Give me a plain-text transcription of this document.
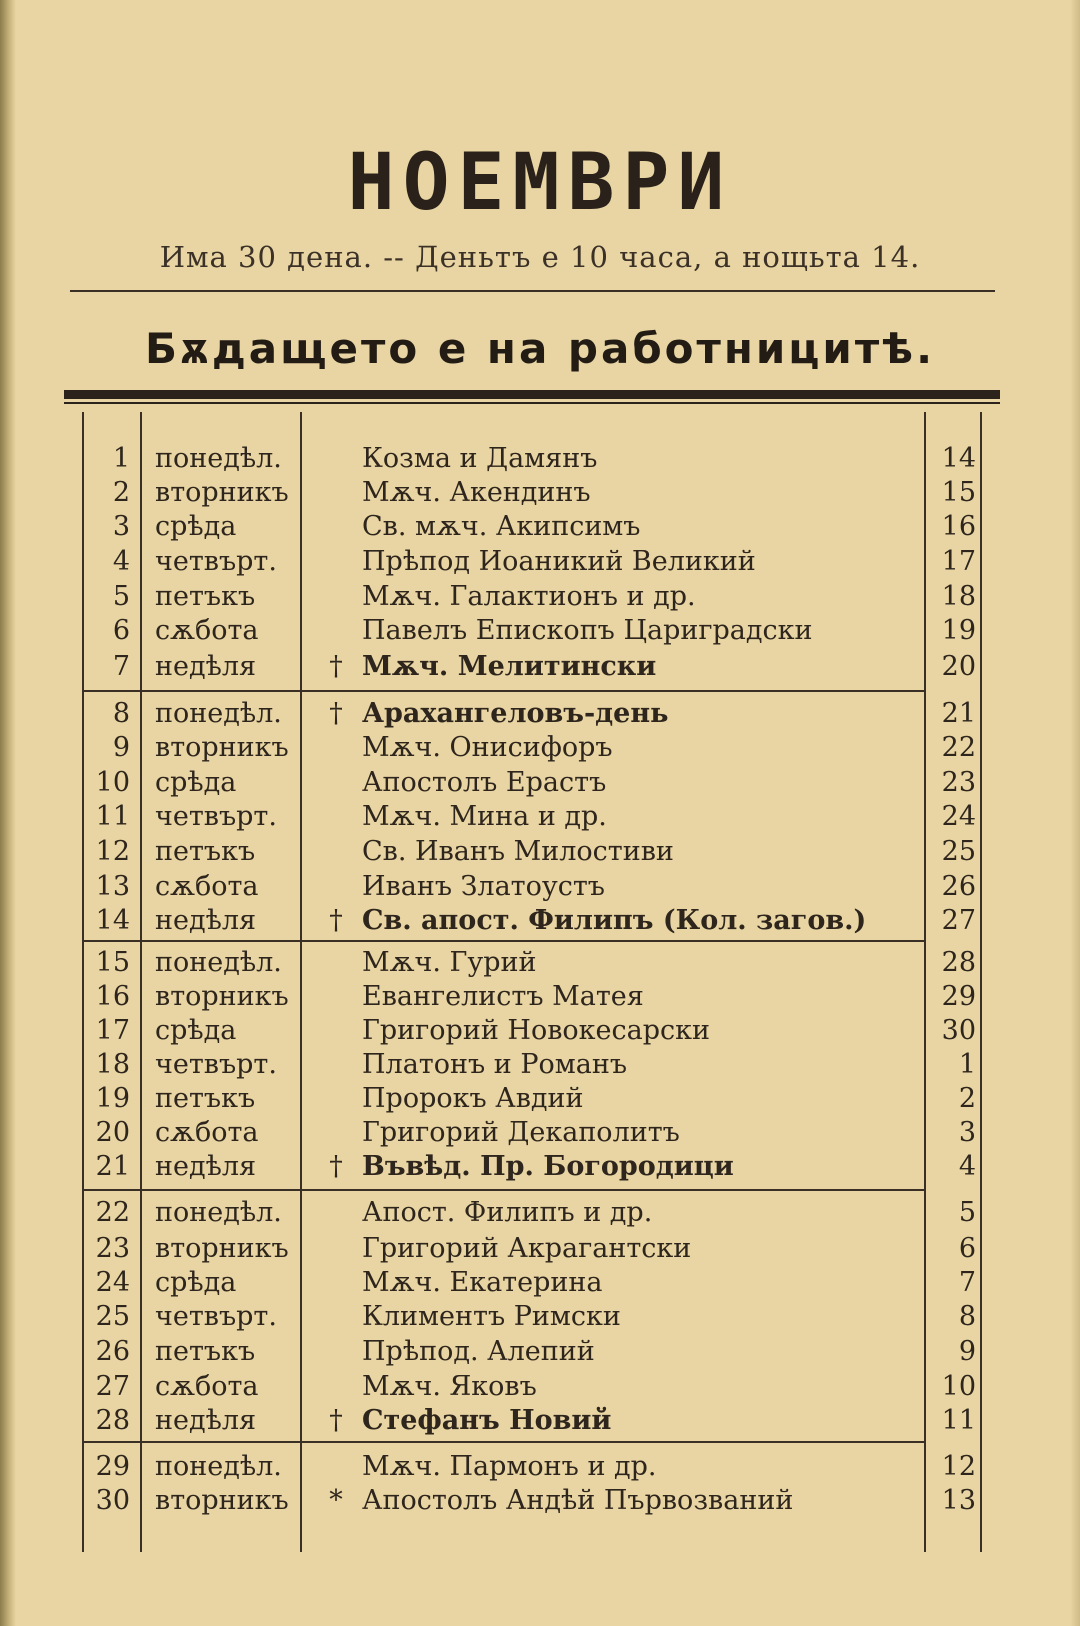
НОЕМВРИ
Има 30 дена. -- Деньтъ е 10 часа, а нощьта 14.
Бѫдащето е на работницитѣ.
1 понедѣл.	Козма и Дамянъ	14
2 вторникъ	Мѫч. Акендинъ	15
3 срѣда	Св. мѫч. Акипсимъ	16
4 четвърт.	Прѣпод Иоаникий Великий	17
5 петъкъ	Мѫч. Галактионъ и др.	18
6 сѫбота	Павелъ Епископъ Цариградски	19
7 недѣля	† Мѫч. Мелитински	20
8 понедѣл.	† Арахангеловъ-день	21
9 вторникъ	Мѫч. Онисифоръ	22
10 срѣда	Апостолъ Ерастъ	23
11 четвърт.	Мѫч. Мина и др.	24
12 петъкъ	Св. Иванъ Милостиви	25
13 сѫбота	Иванъ Златоустъ	26
14 недѣля	† Св. апост. Филипъ (Кол. загов.)	27
15 понедѣл.	Мѫч. Гурий	28
16 вторникъ	Евангелистъ Матея	29
17 срѣда	Григорий Новокесарски	30
18 четвърт.	Платонъ и Романъ	1
19 петъкъ	Пророкъ Авдий	2
20 сѫбота	Григорий Декаполитъ	3
21 недѣля	† Въвѣд. Пр. Богородици	4
22 понедѣл.	Апост. Филипъ и др.	5
23 вторникъ	Григорий Акрагантски	6
24 срѣда	Мѫч. Екатерина	7
25 четвърт.	Климентъ Римски	8
26 петъкъ	Прѣпод. Алепий	9
27 сѫбота	Мѫч. Яковъ	10
28 недѣля	† Стефанъ Новий	11
29 понедѣл.	Мѫч. Пармонъ и др.	12
30 вторникъ	* Апостолъ Андѣй Първозваний	13
